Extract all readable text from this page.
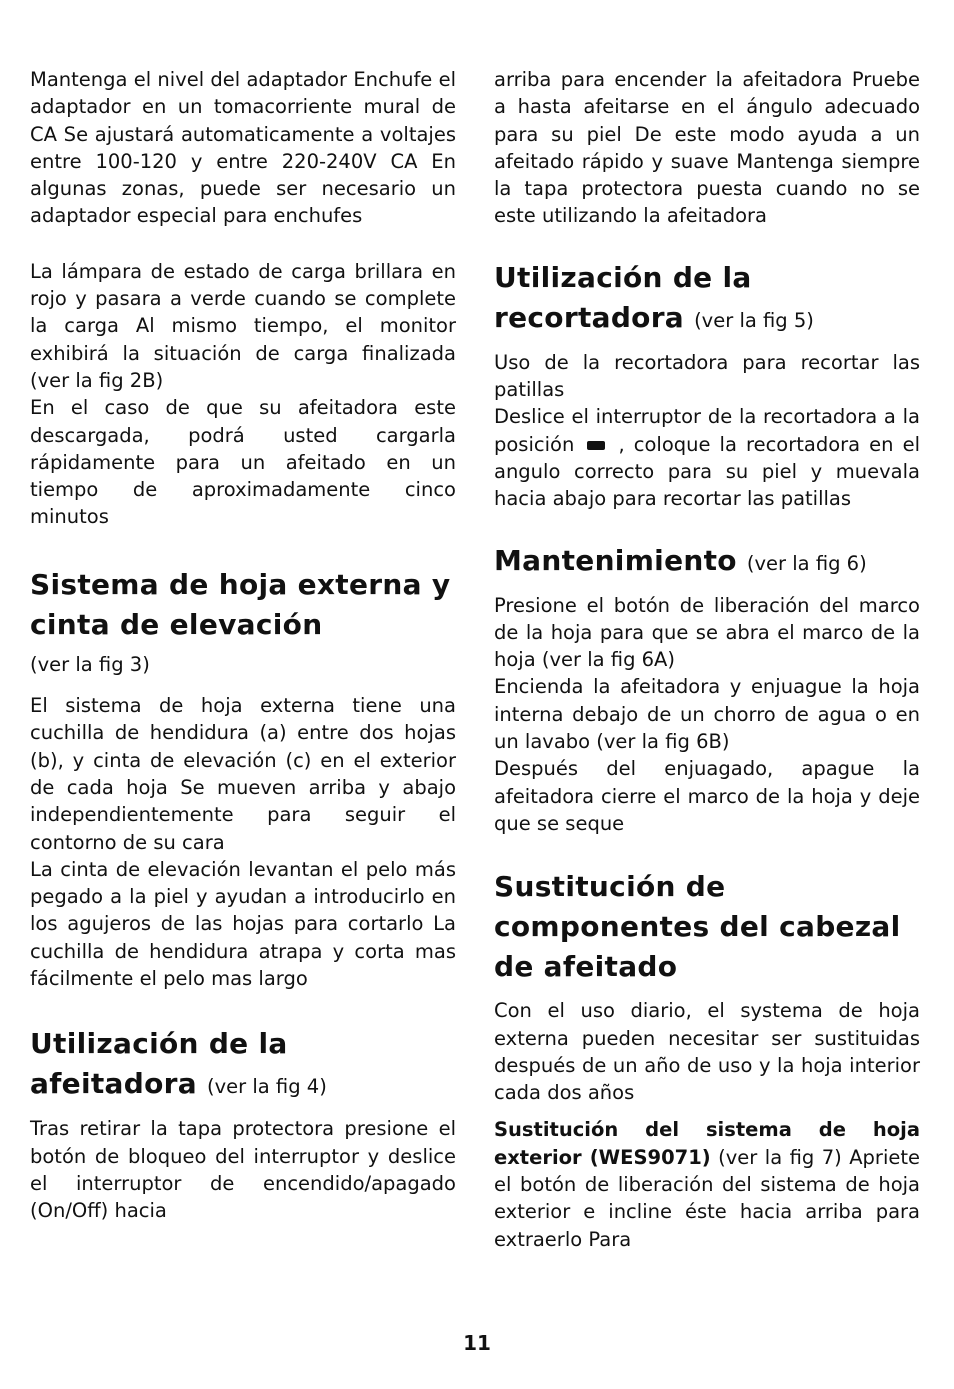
Mantenga el nivel del adaptador Enchufe el adaptador en un tomacorriente mural de CA Se ajustará automaticamente a voltajes entre 100-120 y entre 220-240V CA En algunas zonas, puede ser necesario un adaptador especial para enchufes

La lámpara de estado de carga brillara en rojo y pasara a verde cuando se complete la carga Al mismo tiempo, el monitor exhibirá la situación de carga finalizada (ver la fig 2B)

En el caso de que su afeitadora este descargada, podrá usted cargarla rápidamente para un afeitado en un tiempo de aproximadamente cinco minutos

Sistema de hoja externa y cinta de elevación

(ver la fig 3)

El sistema de hoja externa tiene una cuchilla de hendidura (a) entre dos hojas (b), y cinta de elevación (c) en el exterior de cada hoja Se mueven arriba y abajo independientemente para seguir el contorno de su cara

La cinta de elevación levantan el pelo más pegado a la piel y ayudan a introducirlo en los agujeros de las hojas para cortarlo La cuchilla de hendidura atrapa y corta mas fácilmente el pelo mas largo

Utilización de la afeitadora (ver la fig 4)

Tras retirar la tapa protectora presione el botón de bloqueo del interruptor y deslice el interruptor de encendido/apagado (On/Off) hacia

arriba para encender la afeitadora Pruebe a hasta afeitarse en el ángulo adecuado para su piel De este modo ayuda a un afeitado rápido y suave Mantenga siempre la tapa protectora puesta cuando no se este utilizando la afeitadora

Utilización de la recortadora (ver la fig 5)

Uso de la recortadora para recortar las patillas

Deslice el interruptor de la recortadora a la posición , coloque la recortadora en el angulo correcto para su piel y muevala hacia abajo para recortar las patillas

Mantenimiento (ver la fig 6)

Presione el botón de liberación del marco de la hoja para que se abra el marco de la hoja (ver la fig 6A)

Encienda la afeitadora y enjuague la hoja interna debajo de un chorro de agua o en un lavabo (ver la fig 6B)

Después del enjuagado, apague la afeitadora cierre el marco de la hoja y deje que se seque

Sustitución de componentes del cabezal de afeitado

Con el uso diario, el systema de hoja externa pueden necesitar ser sustituidas después de un año de uso y la hoja interior cada dos años

Sustitución del sistema de hoja exterior (WES9071) (ver la fig 7) Apriete el botón de liberación del sistema de hoja exterior e incline éste hacia arriba para extraerlo Para

11
